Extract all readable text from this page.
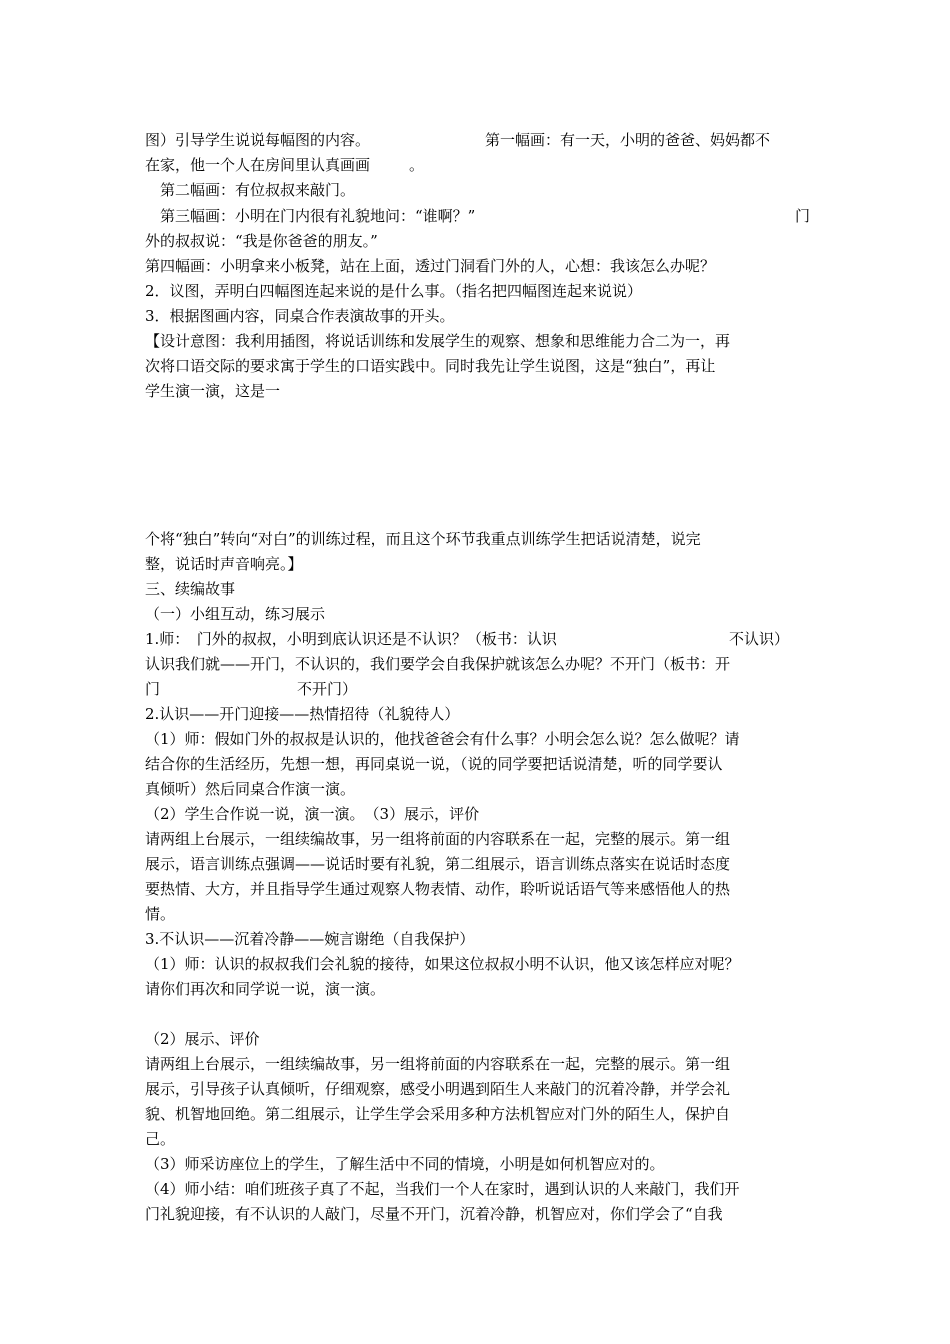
图）引导学生说说每幅图的内容。	第一幅画：有一天，小明的爸爸、妈妈都不
在家，他一个人在房间里认真画画	。
第二幅画：有位叔叔来敲门。
第三幅画：小明在门内很有礼貌地问：“谁啊？”	门
外的叔叔说：“我是你爸爸的朋友。”
第四幅画：小明拿来小板凳，站在上面，透过门洞看门外的人，心想：我该怎么办呢？
2．议图，弄明白四幅图连起来说的是什么事。（指名把四幅图连起来说说）
3．根据图画内容，同桌合作表演故事的开头。
【设计意图：我利用插图，将说话训练和发展学生的观察、想象和思维能力合二为一，再
次将口语交际的要求寓于学生的口语实践中。同时我先让学生说图，这是“独白”，再让
学生演一演，这是一
个将“独白”转向“对白”的训练过程，而且这个环节我重点训练学生把话说清楚，说完
整，说话时声音响亮。】
三、续编故事
（一）小组互动，练习展示
1.师：　门外的叔叔，小明到底认识还是不认识？（板书：认识	不认识）
认识我们就——开门，不认识的，我们要学会自我保护就该怎么办呢？不开门（板书：开
门	不开门）
2.认识——开门迎接——热情招待（礼貌待人）
（1）师：假如门外的叔叔是认识的，他找爸爸会有什么事？小明会怎么说？怎么做呢？请
结合你的生活经历，先想一想，再同桌说一说，（说的同学要把话说清楚，听的同学要认
真倾听）然后同桌合作演一演。
（2）学生合作说一说，演一演。　（3）展示，评价
请两组上台展示，一组续编故事，另一组将前面的内容联系在一起，完整的展示。第一组
展示，语言训练点强调——说话时要有礼貌，第二组展示，语言训练点落实在说话时态度
要热情、大方，并且指导学生通过观察人物表情、动作，聆听说话语气等来感悟他人的热
情。
3.不认识——沉着冷静——婉言谢绝（自我保护）
（1）师：认识的叔叔我们会礼貌的接待，如果这位叔叔小明不认识，他又该怎样应对呢？
请你们再次和同学说一说，演一演。
（2）展示、评价
请两组上台展示，一组续编故事，另一组将前面的内容联系在一起，完整的展示。第一组
展示，引导孩子认真倾听，仔细观察，感受小明遇到陌生人来敲门的沉着冷静，并学会礼
貌、机智地回绝。第二组展示，让学生学会采用多种方法机智应对门外的陌生人，保护自
己。
（3）师采访座位上的学生，了解生活中不同的情境，小明是如何机智应对的。
（4）师小结：咱们班孩子真了不起，当我们一个人在家时，遇到认识的人来敲门，我们开
门礼貌迎接，有不认识的人敲门，尽量不开门，沉着冷静，机智应对，你们学会了“自我
